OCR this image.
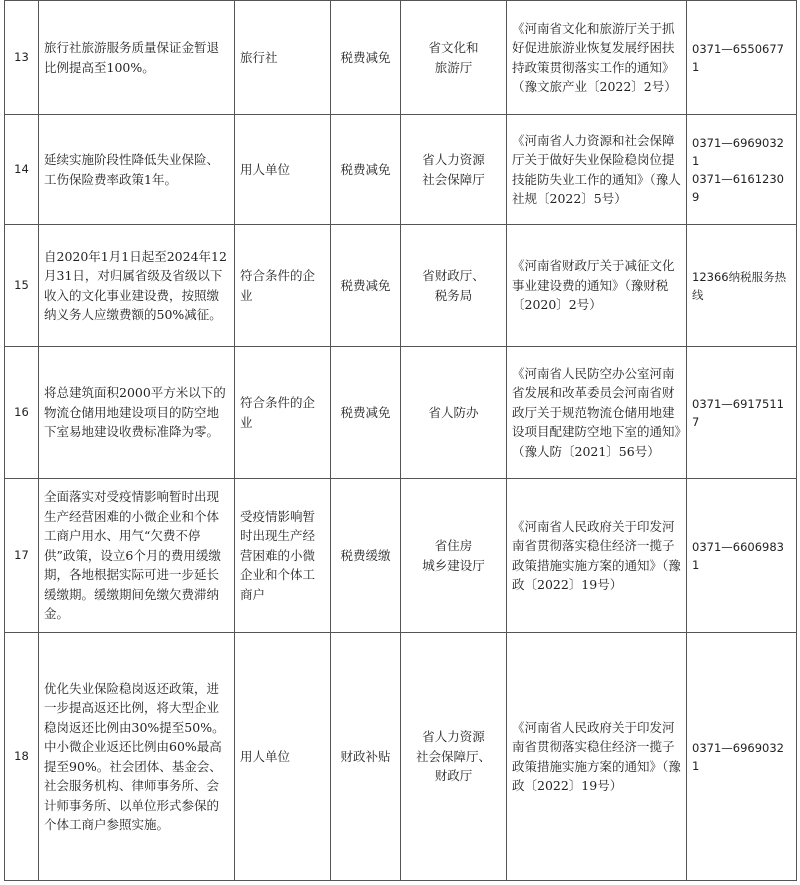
13	旅行社旅游服务质量保证金暂退比例提高至100%。	旅行社	税费减免	省文化和
旅游厅	《河南省文化和旅游厅关于抓好促进旅游业恢复发展纾困扶持政策贯彻落实工作的通知》（豫文旅产业〔2022〕2号）	0371—65506771

14	延续实施阶段性降低失业保险、工伤保险费率政策1年。	用人单位	税费减免	省人力资源
社会保障厅	《河南省人力资源和社会保障厅关于做好失业保险稳岗位提技能防失业工作的通知》（豫人社规〔2022〕5号）	0371—69690321
0371—61612309

15	自2020年1月1日起至2024年12月31日，对归属省级及省级以下收入的文化事业建设费，按照缴纳义务人应缴费额的50%减征。	符合条件的企业	税费减免	省财政厅、
税务局	《河南省财政厅关于减征文化事业建设费的通知》（豫财税〔2020〕2号）	12366纳税服务热线

16	将总建筑面积2000平方米以下的物流仓储用地建设项目的防空地下室易地建设收费标准降为零。	符合条件的企业	税费减免	省人防办	《河南省人民防空办公室河南省发展和改革委员会河南省财政厅关于规范物流仓储用地建设项目配建防空地下室的通知》（豫人防〔2021〕56号）	0371—69175117

17	全面落实对受疫情影响暂时出现生产经营困难的小微企业和个体工商户用水、用气“欠费不停供”政策，设立6个月的费用缓缴期，各地根据实际可进一步延长缓缴期。缓缴期间免缴欠费滞纳金。	受疫情影响暂时出现生产经营困难的小微企业和个体工商户	税费缓缴	省住房
城乡建设厅	《河南省人民政府关于印发河南省贯彻落实稳住经济一揽子政策措施实施方案的通知》（豫政〔2022〕19号）	0371—66069831

18	优化失业保险稳岗返还政策，进一步提高返还比例，将大型企业稳岗返还比例由30%提至50%。中小微企业返还比例由60%最高提至90%。社会团体、基金会、社会服务机构、律师事务所、会计师事务所、以单位形式参保的个体工商户参照实施。	用人单位	财政补贴	省人力资源
社会保障厅、
财政厅	《河南省人民政府关于印发河南省贯彻落实稳住经济一揽子政策措施实施方案的通知》（豫政〔2022〕19号）	0371—69690321
